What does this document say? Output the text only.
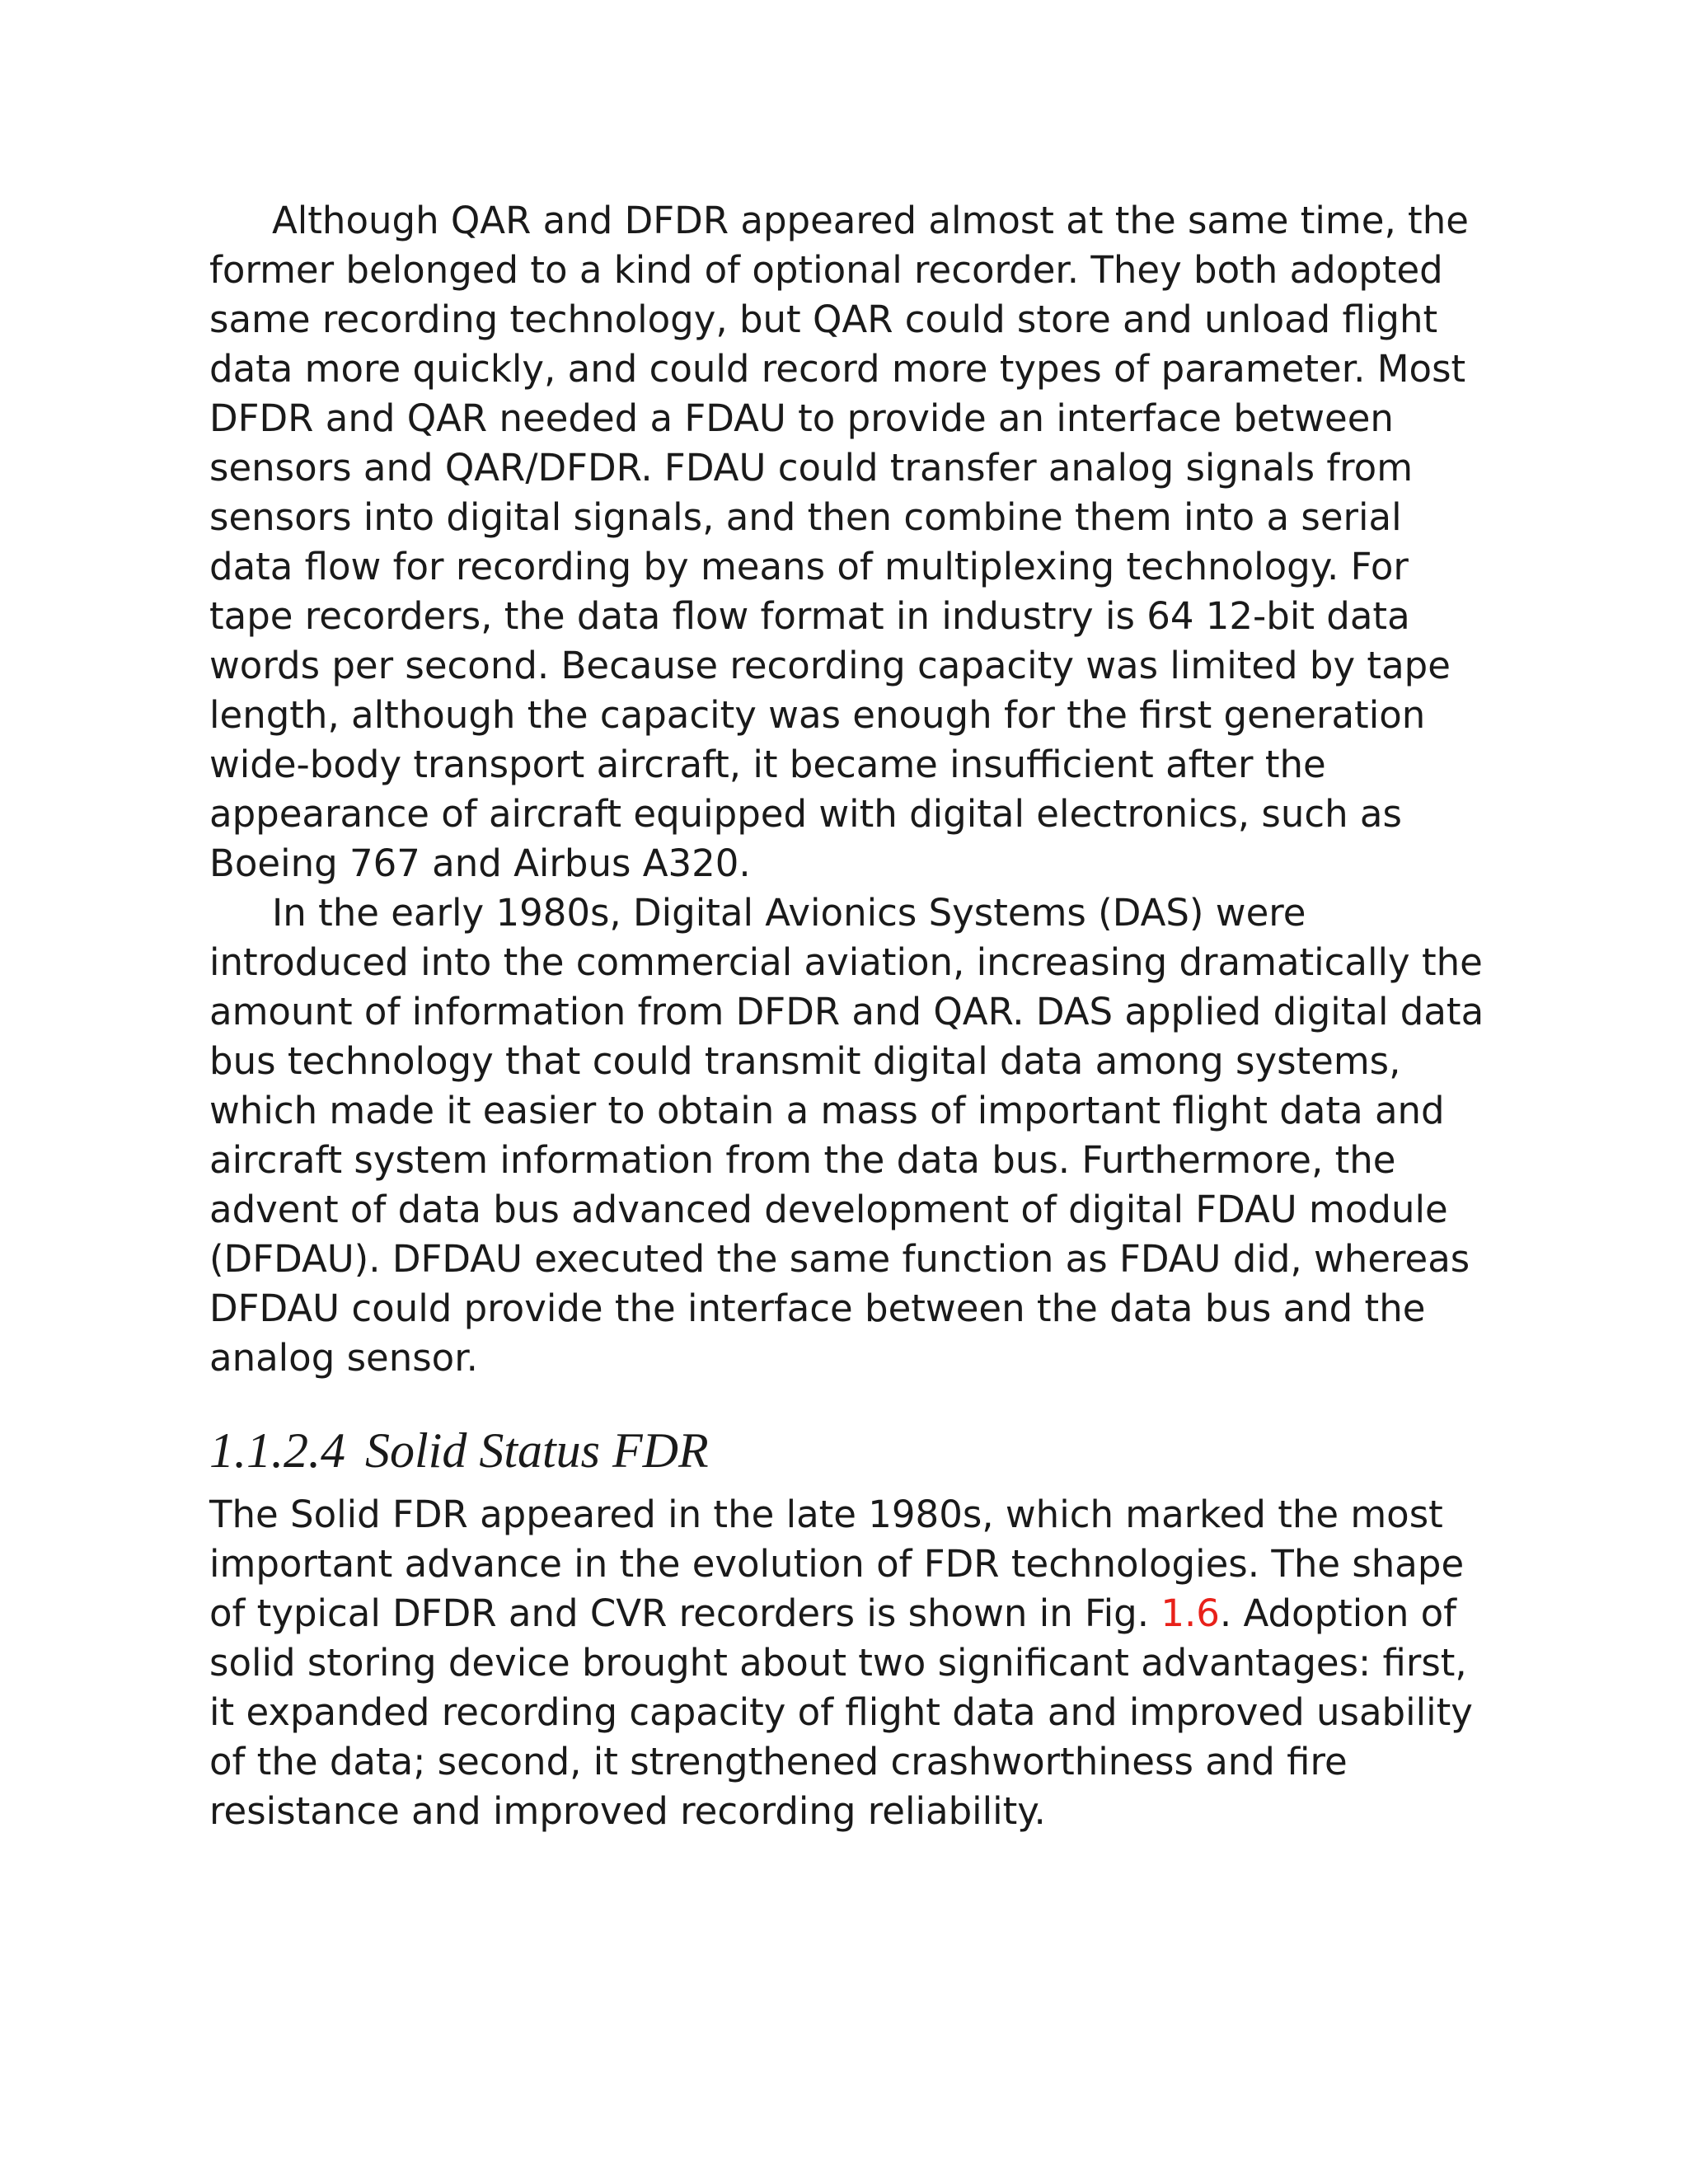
Although QAR and DFDR appeared almost at the same time, the former belonged to a kind of optional recorder. They both adopted same recording technology, but QAR could store and unload flight data more quickly, and could record more types of parameter. Most DFDR and QAR needed a FDAU to provide an interface between sensors and QAR/DFDR. FDAU could transfer analog signals from sensors into digital signals, and then combine them into a serial data flow for recording by means of multiplexing technology. For tape recorders, the data flow format in industry is 64 12-bit data words per second. Because recording capacity was limited by tape length, although the capacity was enough for the first generation wide-body transport aircraft, it became insufficient after the appearance of aircraft equipped with digital electronics, such as Boeing 767 and Airbus A320.

In the early 1980s, Digital Avionics Systems (DAS) were introduced into the commercial aviation, increasing dramatically the amount of information from DFDR and QAR. DAS applied digital data bus technology that could transmit digital data among systems, which made it easier to obtain a mass of important flight data and aircraft system information from the data bus. Furthermore, the advent of data bus advanced development of digital FDAU module (DFDAU). DFDAU executed the same function as FDAU did, whereas DFDAU could provide the interface between the data bus and the analog sensor.

1.1.2.4 Solid Status FDR

The Solid FDR appeared in the late 1980s, which marked the most important advance in the evolution of FDR technologies. The shape of typical DFDR and CVR recorders is shown in Fig. 1.6. Adoption of solid storing device brought about two significant advantages: first, it expanded recording capacity of flight data and improved usability of the data; second, it strengthened crashworthiness and fire resistance and improved recording reliability.
